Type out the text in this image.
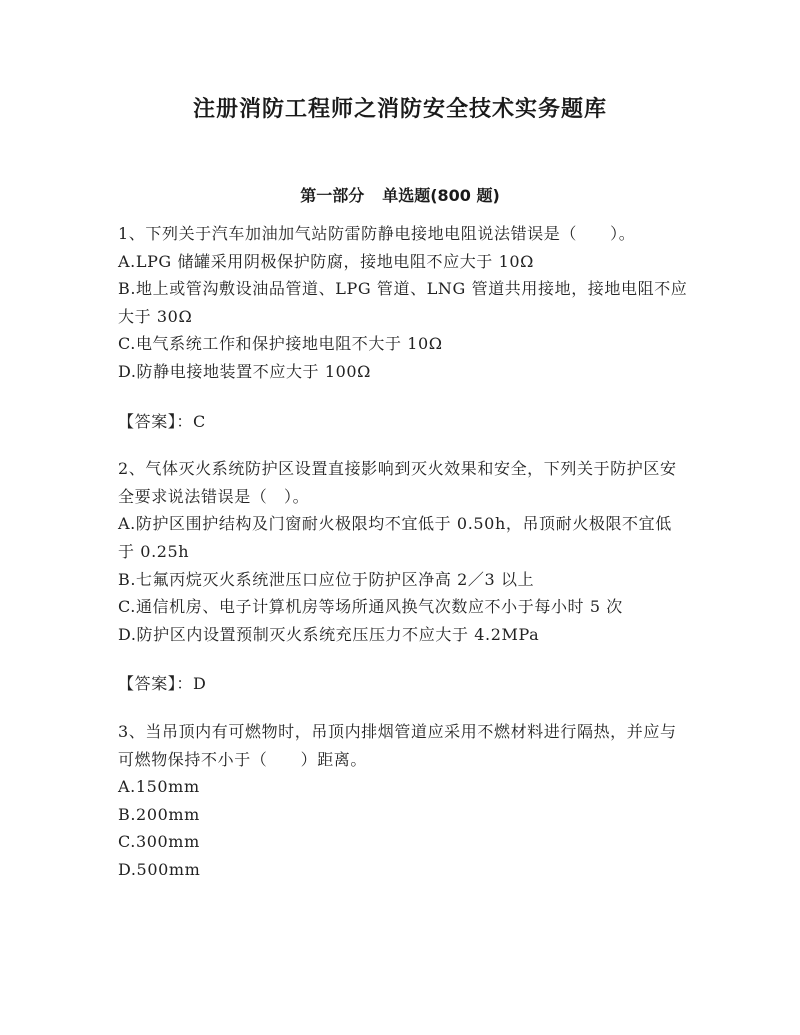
注册消防工程师之消防安全技术实务题库
第一部分 单选题(800 题)

1、下列关于汽车加油加气站防雷防静电接地电阻说法错误是（　　）。

A.LPG 储罐采用阴极保护防腐，接地电阻不应大于 10Ω

B.地上或管沟敷设油品管道、LPG 管道、LNG 管道共用接地，接地电阻不应大于 30Ω

C.电气系统工作和保护接地电阻不大于 10Ω

D.防静电接地装置不应大于 100Ω

【答案】：C

2、气体灭火系统防护区设置直接影响到灭火效果和安全，下列关于防护区安全要求说法错误是（　）。

A.防护区围护结构及门窗耐火极限均不宜低于 0.50h，吊顶耐火极限不宜低于 0.25h

B.七氟丙烷灭火系统泄压口应位于防护区净高 2／3 以上

C.通信机房、电子计算机房等场所通风换气次数应不小于每小时 5 次

D.防护区内设置预制灭火系统充压压力不应大于 4.2MPa

【答案】：D

3、当吊顶内有可燃物时，吊顶内排烟管道应采用不燃材料进行隔热，并应与可燃物保持不小于（　　）距离。

A.150mm

B.200mm

C.300mm

D.500mm
